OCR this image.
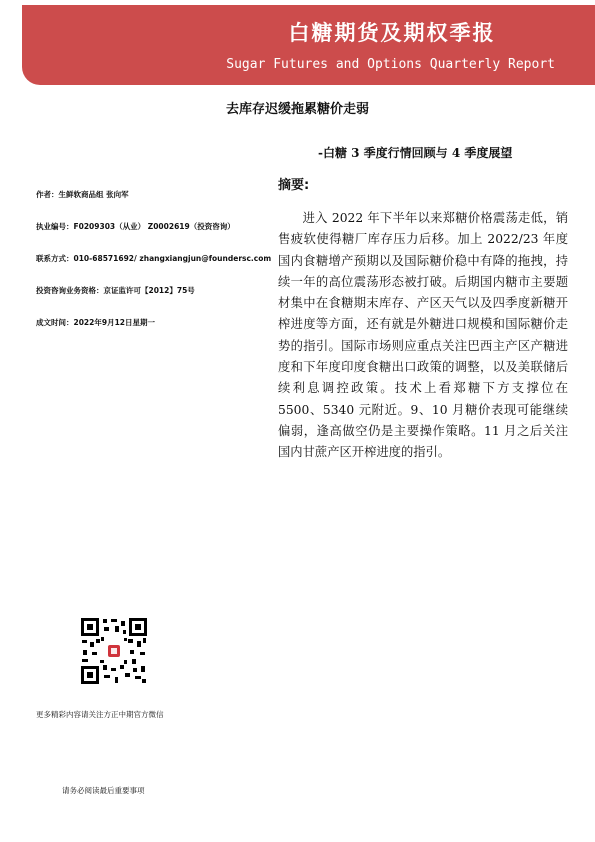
白糖期货及期权季报
Sugar Futures and Options Quarterly Report
去库存迟缓拖累糖价走弱
-白糖 3 季度行情回顾与 4 季度展望
作者：生鲜软商品组 张向军
执业编号：F0209303（从业） Z0002619（投资咨询）
联系方式：010-68571692/ zhangxiangjun@foundersc.com
投资咨询业务资格：京证监许可【2012】75号
成文时间：2022年9月12日星期一
摘要:
进入 2022 年下半年以来郑糖价格震荡走低，销售疲软使得糖厂库存压力后移。加上 2022/23 年度国内食糖增产预期以及国际糖价稳中有降的拖拽，持续一年的高位震荡形态被打破。后期国内糖市主要题材集中在食糖期末库存、产区天气以及四季度新糖开榨进度等方面，还有就是外糖进口规模和国际糖价走势的指引。国际市场则应重点关注巴西主产区产糖进度和下年度印度食糖出口政策的调整，以及美联储后续利息调控政策。技术上看郑糖下方支撑位在 5500、5340 元附近。9、10 月糖价表现可能继续偏弱，逢高做空仍是主要操作策略。11 月之后关注国内甘蔗产区开榨进度的指引。
更多精彩内容请关注方正中期官方微信
请务必阅读最后重要事项
